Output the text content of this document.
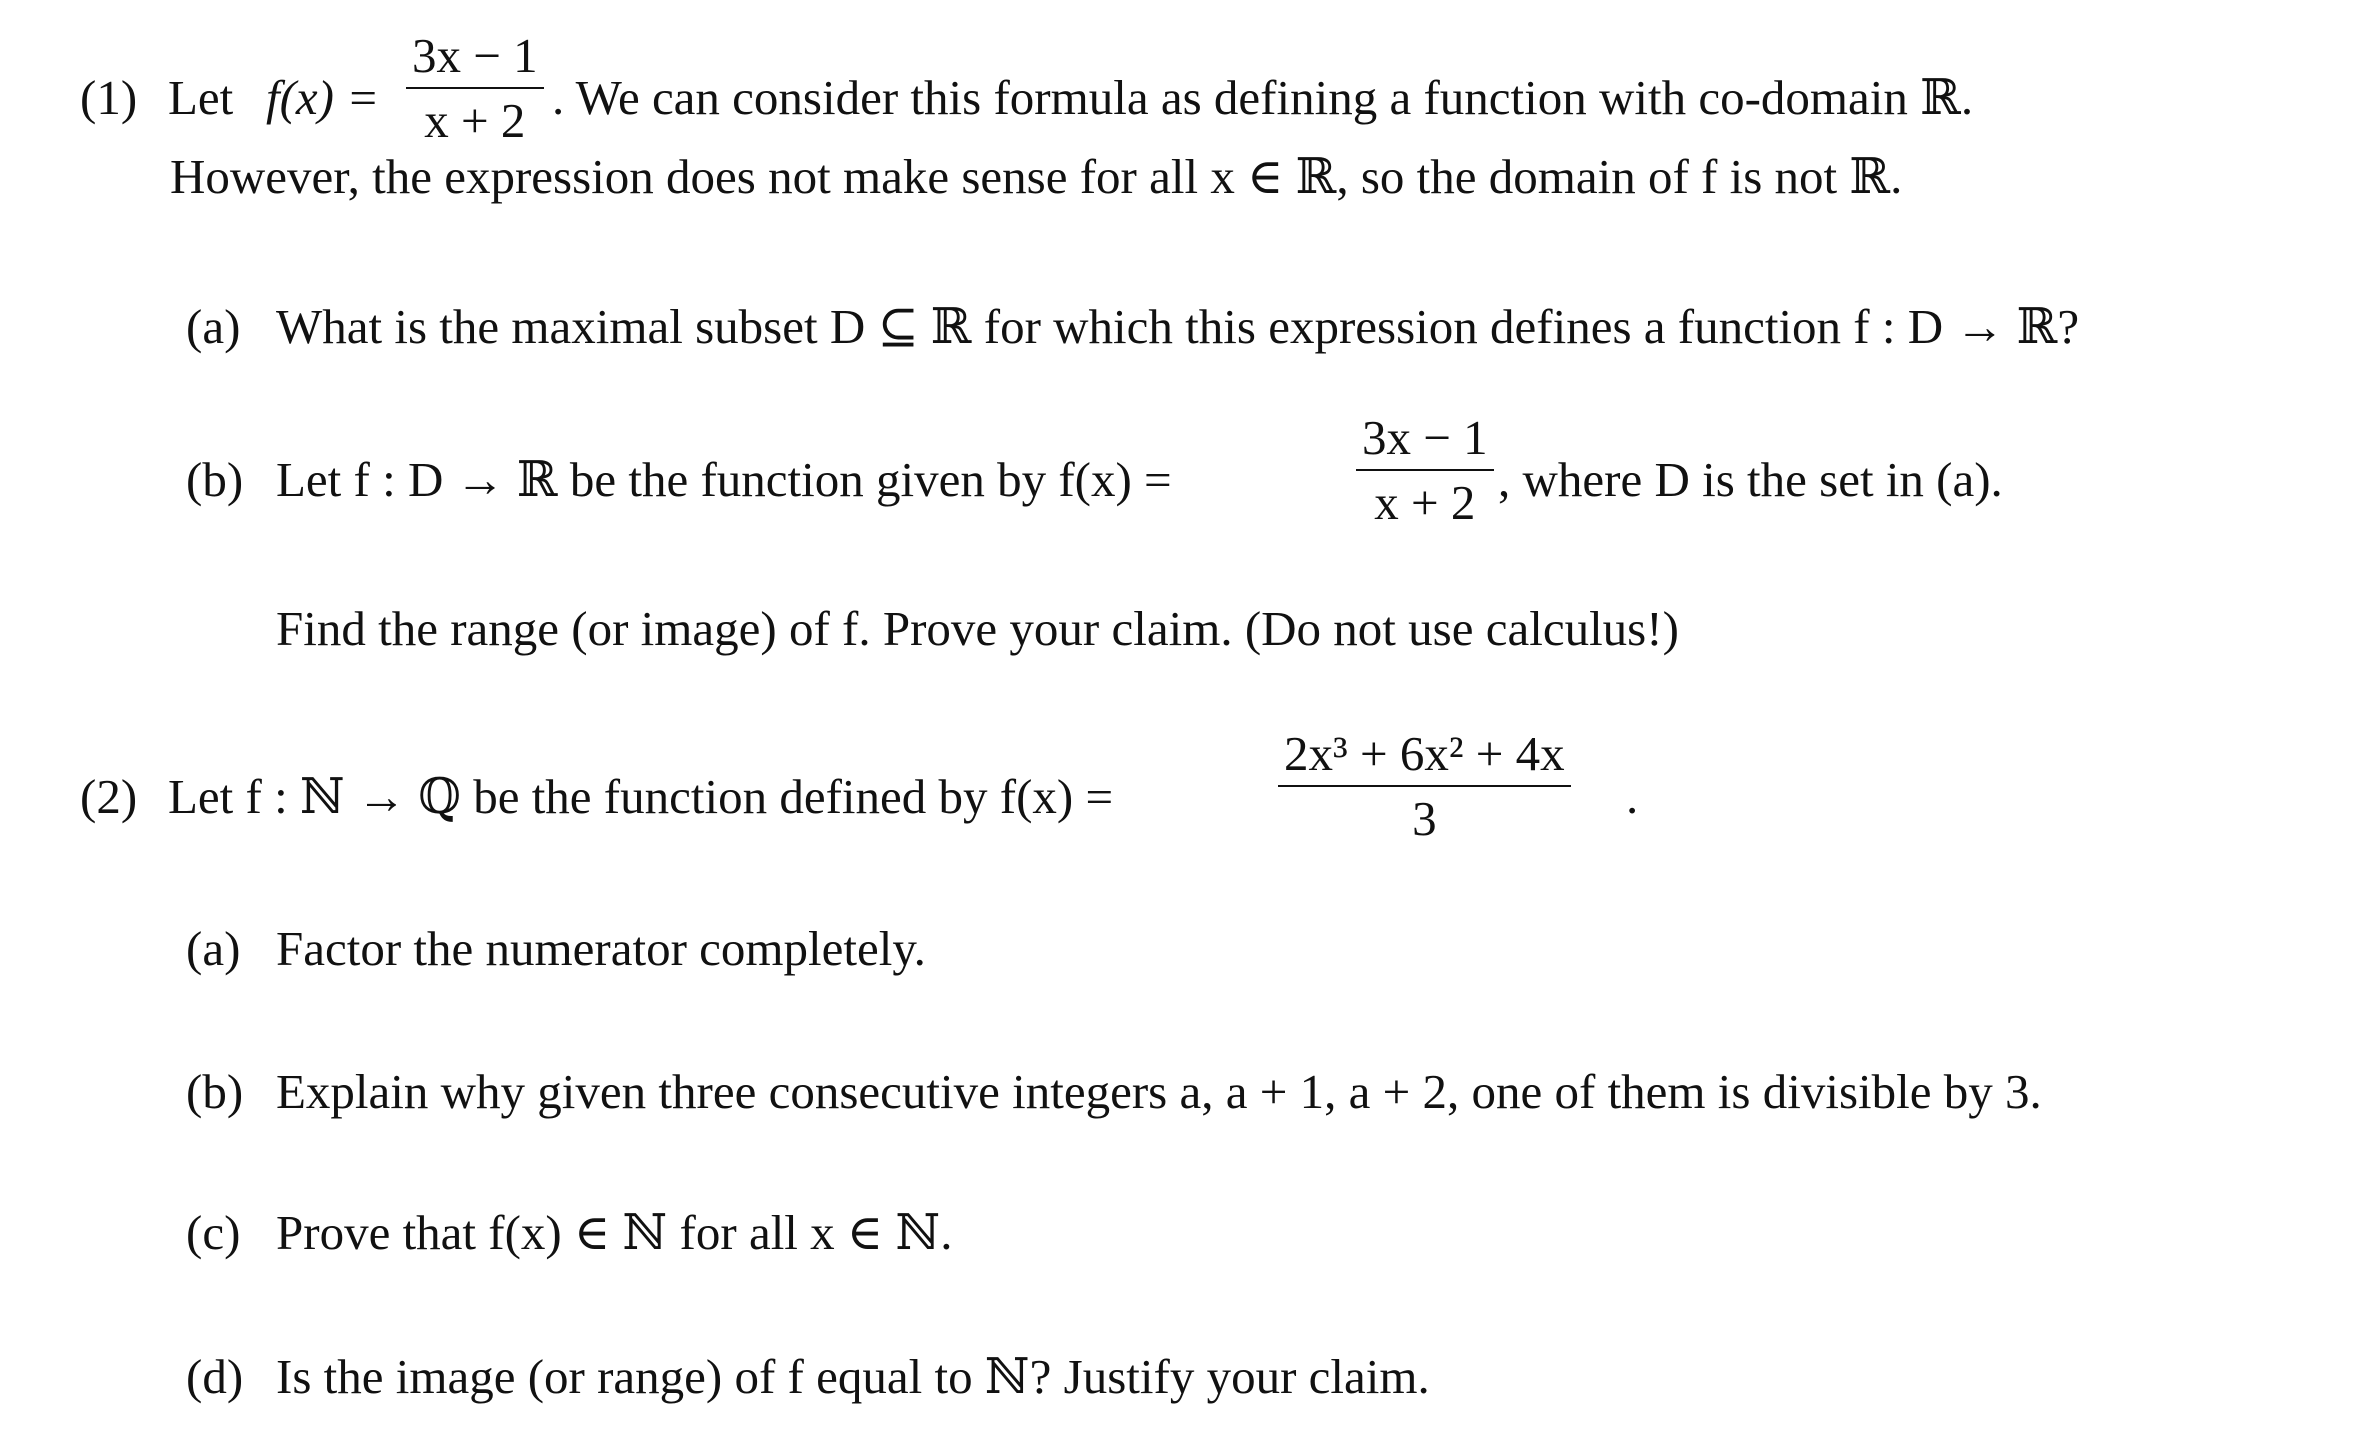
(1) Let $f(x) = \frac{3x - 1}{x + 2}$ . We can consider this formula as defining a function with co-domain ℝ.
However, the expression does not make sense for all x ∈ ℝ, so the domain of f is not ℝ.
(a) What is the maximal subset D ⊆ ℝ for which this expression defines a function f : D → ℝ?
(b) Let f : D → ℝ be the function given by f(x) =	$\frac{3x - 1}{x + 2}$ , where D is the set in (a).
Find the range (or image) of f. Prove your claim. (Do not use calculus!)
(2) Let f : ℕ → ℚ be the function defined by f(x) =	$\frac{\text{2x³ + 6x² + 4x}}{3}$ .
(a) Factor the numerator completely.
(b) Explain why given three consecutive integers a, a + 1, a + 2, one of them is divisible by 3.
(c) Prove that f(x) ∈ ℕ for all x ∈ ℕ.
(d) Is the image (or range) of f equal to ℕ? Justify your claim.
